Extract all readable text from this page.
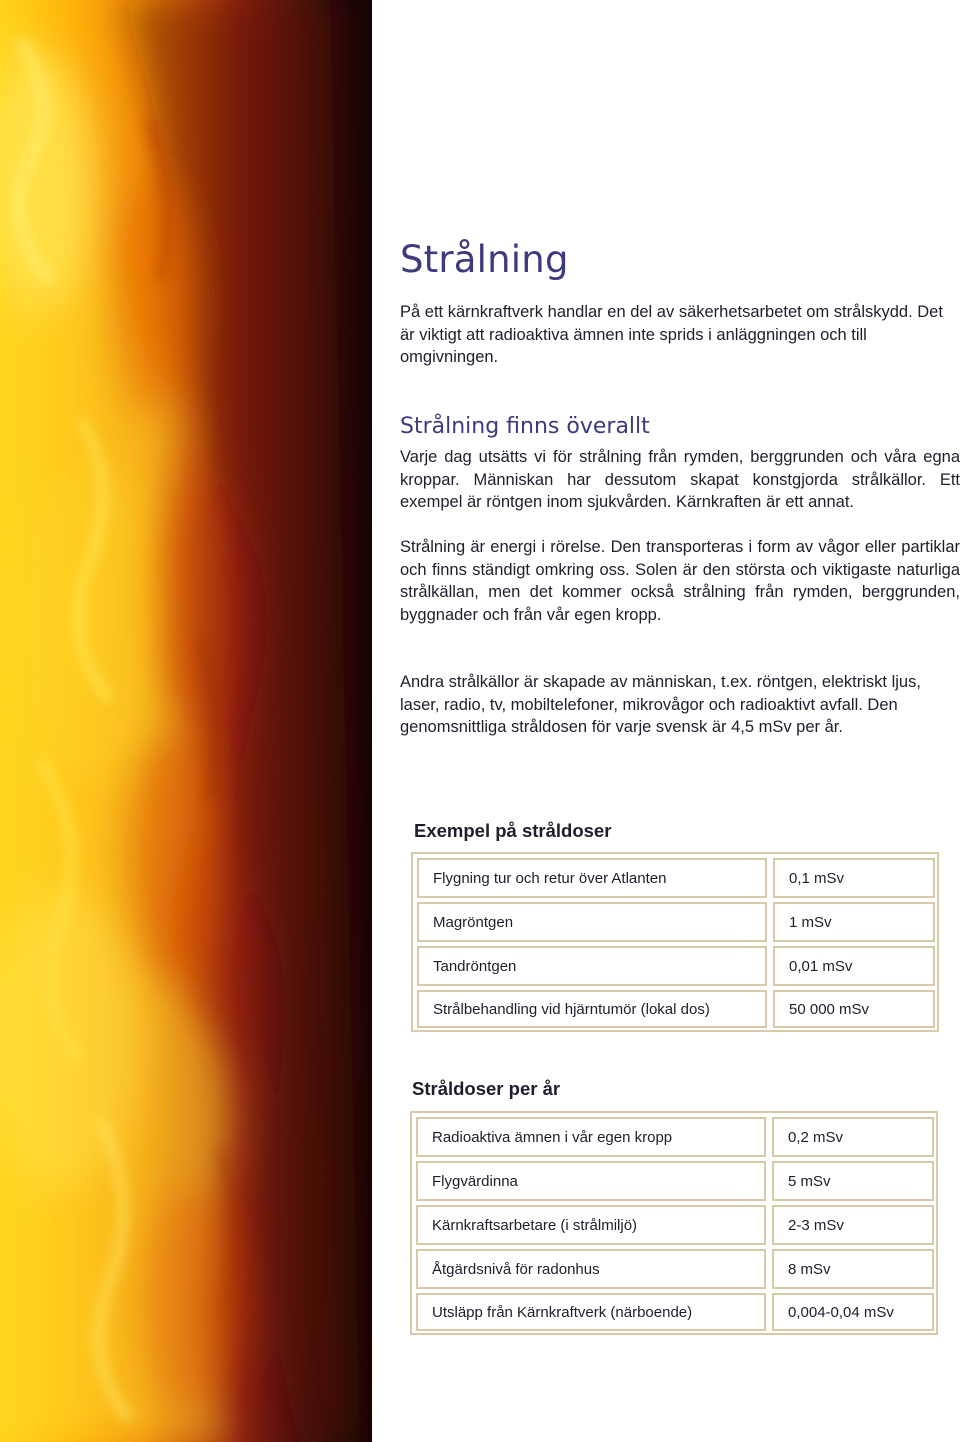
Strålning

På ett kärnkraftverk handlar en del av säkerhetsarbetet om strålskydd. Det är viktigt att radioaktiva ämnen inte sprids i anläggningen och till omgivningen.

Strålning finns överallt

Varje dag utsätts vi för strålning från rymden, berggrunden och våra egna kroppar. Människan har dessutom skapat konstgjorda strålkällor. Ett exempel är röntgen inom sjukvården. Kärnkraften är ett annat.

Strålning är energi i rörelse. Den transporteras i form av vågor eller partiklar och finns ständigt omkring oss. Solen är den största och viktigaste naturliga strålkällan, men det kommer också strålning från rymden, berggrunden, byggnader och från vår egen kropp.

Andra strålkällor är skapade av människan, t.ex. röntgen, elektriskt ljus, laser, radio, tv, mobiltelefoner, mikrovågor och radioaktivt avfall. Den genomsnittliga stråldosen för varje svensk är 4,5 mSv per år.

Exempel på stråldoser
Flygning tur och retur över Atlanten	0,1 mSv
Magröntgen	1 mSv
Tandröntgen	0,01 mSv
Strålbehandling vid hjärntumör (lokal dos)	50 000 mSv
Stråldoser per år
Radioaktiva ämnen i vår egen kropp	0,2 mSv
Flygvärdinna	5 mSv
Kärnkraftsarbetare (i strålmiljö)	2-3 mSv
Åtgärdsnivå för radonhus	8 mSv
Utsläpp från Kärnkraftverk (närboende)	0,004-0,04 mSv
